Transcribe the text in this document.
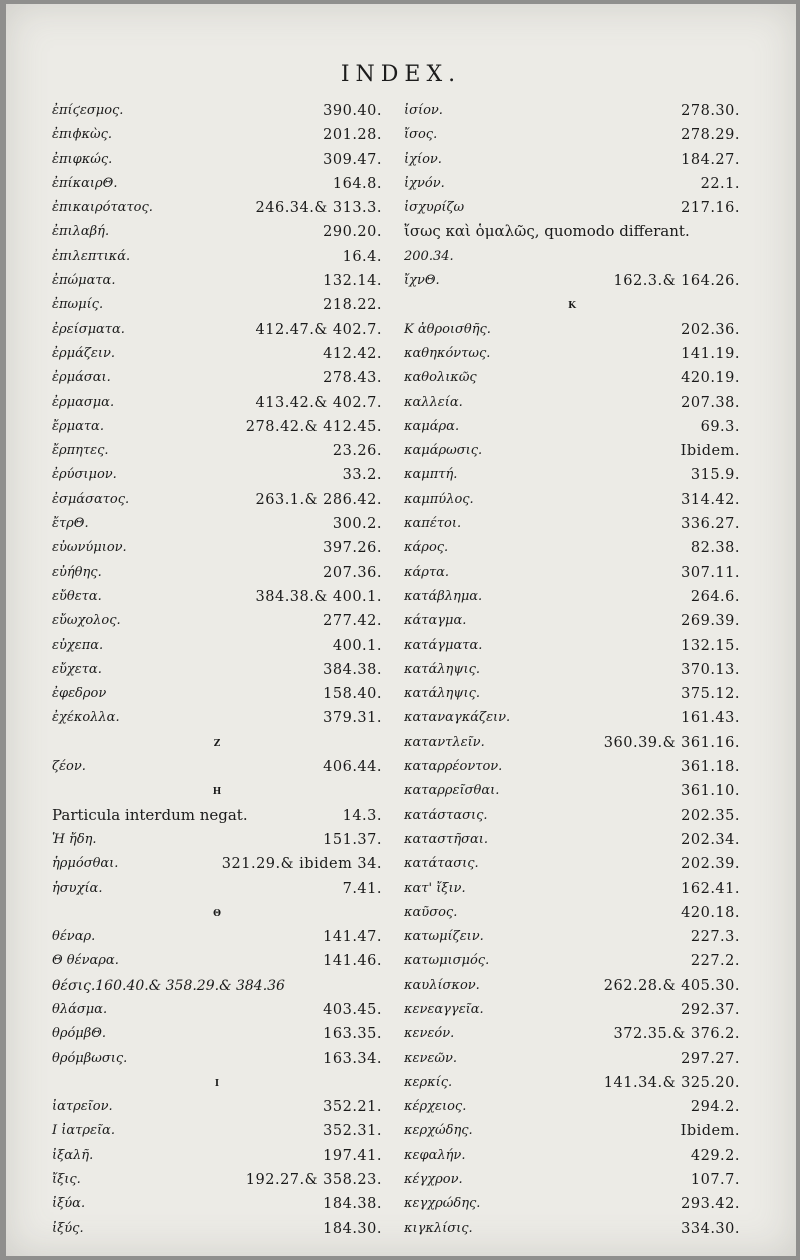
INDEX.
ἐπίϛεσμος.	390.40.
ἐπιϕκὼς.	201.28.
ἐπιφκώς.	309.47.
ἐπίκαιρΘ.	164.8.
ἐπικαιρότατος.	246.34.& 313.3.
ἐπιλαβή.	290.20.
ἐπιλεπτικά.	16.4.
ἐπώματα.	132.14.
ἐπωμίς.	218.22.
ἐρείσματα.	412.47.& 402.7.
ἐρμάζειν.	412.42.
ἐρμάσαι.	278.43.
ἐρμασμα.	413.42.& 402.7.
ἔρματα.	278.42.& 412.45.
ἔρπητες.	23.26.
ἐρύσιμον.	33.2.
ἐσμάσατος.	263.1.& 286.42.
ἔτρΘ.	300.2.
εὐωνύμιον.	397.26.
εὐήθης.	207.36.
εὔθετα.	384.38.& 400.1.
εὔωχολος.	277.42.
εὐχεπα.	400.1.
εὔχετα.	384.38.
ἐφεδρον	158.40.
ἐχέκολλα.	379.31.
Z
ζέον.	406.44.
H
Particula interdum negat.	14.3.
Ἡ ἤδη.	151.37.
ἡρμόσθαι.	321.29.& ibidem 34.
ἡσυχία.	7.41.
Θ
θέναρ.	141.47.
Θ θέναρα.	141.46.
θέσις.160.40.& 358.29.& 384.36
θλάσμα.	403.45.
θρόμβΘ.	163.35.
θρόμβωσις.	163.34.
I
ἰατρεῖον.	352.21.
Ι ἰατρεῖα.	352.31.
ἰξαλῆ.	197.41.
ἴξις.	192.27.& 358.23.
ἰξύα.	184.38.
ἰξύς.	184.30.
ἰσίον.	278.30.
ἴσος.	278.29.
ἰχίον.	184.27.
ἰχνόν.	22.1.
ἰσχυρίζω	217.16.
ἴσως καὶ ὁμαλῶς, quomodo differant.
200.34.
ἴχνΘ.	162.3.& 164.26.
K
Κ ἀθροισθῆς.	202.36.
καθηκόντως.	141.19.
καθολικῶς	420.19.
καλλεία.	207.38.
καμάρα.	69.3.
καμάρωσις.	Ibidem.
καμπτή.	315.9.
καμπύλος.	314.42.
καπέτοι.	336.27.
κάρος.	82.38.
κάρτα.	307.11.
κατάβλημα.	264.6.
κάταγμα.	269.39.
κατάγματα.	132.15.
κατάληψις.	370.13.
κατάληψις.	375.12.
καταναγκάζειν.	161.43.
καταντλεῖν.	360.39.& 361.16.
καταρρέοντον.	361.18.
καταρρεῖσθαι.	361.10.
κατάστασις.	202.35.
καταστῆσαι.	202.34.
κατάτασις.	202.39.
κατ' ἴξιν.	162.41.
καῦσος.	420.18.
κατωμίζειν.	227.3.
κατωμισμός.	227.2.
καυλίσκον.	262.28.& 405.30.
κενεαγγεῖα.	292.37.
κενεόν.	372.35.& 376.2.
κενεῶν.	297.27.
κερκίς.	141.34.& 325.20.
κέρχειος.	294.2.
κερχώδης.	Ibidem.
κεφαλήν.	429.2.
κέγχρον.	107.7.
κεγχρώδης.	293.42.
κιγκλίσις.	334.30.
